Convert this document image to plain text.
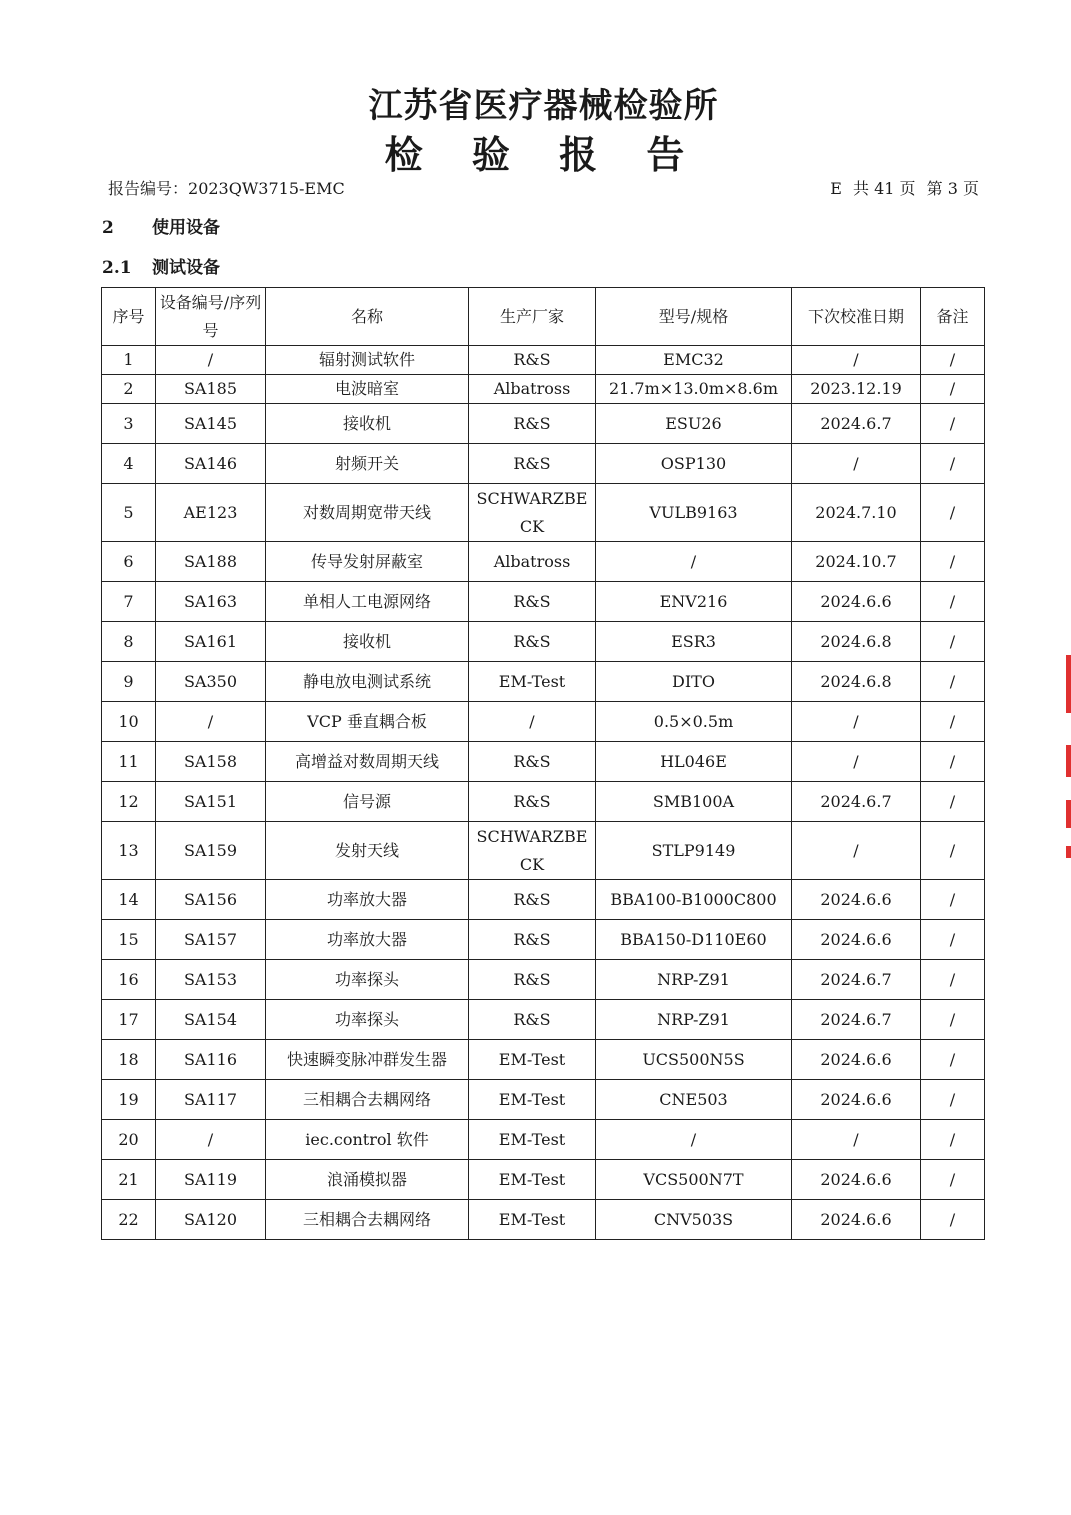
江苏省医疗器械检验所
检 验 报 告
报告编号：2023QW3715-EMC	E 共 41 页 第 3 页
2 使用设备
2.1 测试设备
序号	设备编号/序列号	名称	生产厂家	型号/规格	下次校准日期	备注
1	/	辐射测试软件	R&S	EMC32	/	/
2	SA185	电波暗室	Albatross	21.7m×13.0m×8.6m	2023.12.19	/
3	SA145	接收机	R&S	ESU26	2024.6.7	/
4	SA146	射频开关	R&S	OSP130	/	/
5	AE123	对数周期宽带天线	SCHWARZBECK	VULB9163	2024.7.10	/
6	SA188	传导发射屏蔽室	Albatross	/	2024.10.7	/
7	SA163	单相人工电源网络	R&S	ENV216	2024.6.6	/
8	SA161	接收机	R&S	ESR3	2024.6.8	/
9	SA350	静电放电测试系统	EM-Test	DITO	2024.6.8	/
10	/	VCP 垂直耦合板	/	0.5×0.5m	/	/
11	SA158	高增益对数周期天线	R&S	HL046E	/	/
12	SA151	信号源	R&S	SMB100A	2024.6.7	/
13	SA159	发射天线	SCHWARZBECK	STLP9149	/	/
14	SA156	功率放大器	R&S	BBA100-B1000C800	2024.6.6	/
15	SA157	功率放大器	R&S	BBA150-D110E60	2024.6.6	/
16	SA153	功率探头	R&S	NRP-Z91	2024.6.7	/
17	SA154	功率探头	R&S	NRP-Z91	2024.6.7	/
18	SA116	快速瞬变脉冲群发生器	EM-Test	UCS500N5S	2024.6.6	/
19	SA117	三相耦合去耦网络	EM-Test	CNE503	2024.6.6	/
20	/	iec.control 软件	EM-Test	/	/	/
21	SA119	浪涌模拟器	EM-Test	VCS500N7T	2024.6.6	/
22	SA120	三相耦合去耦网络	EM-Test	CNV503S	2024.6.6	/
